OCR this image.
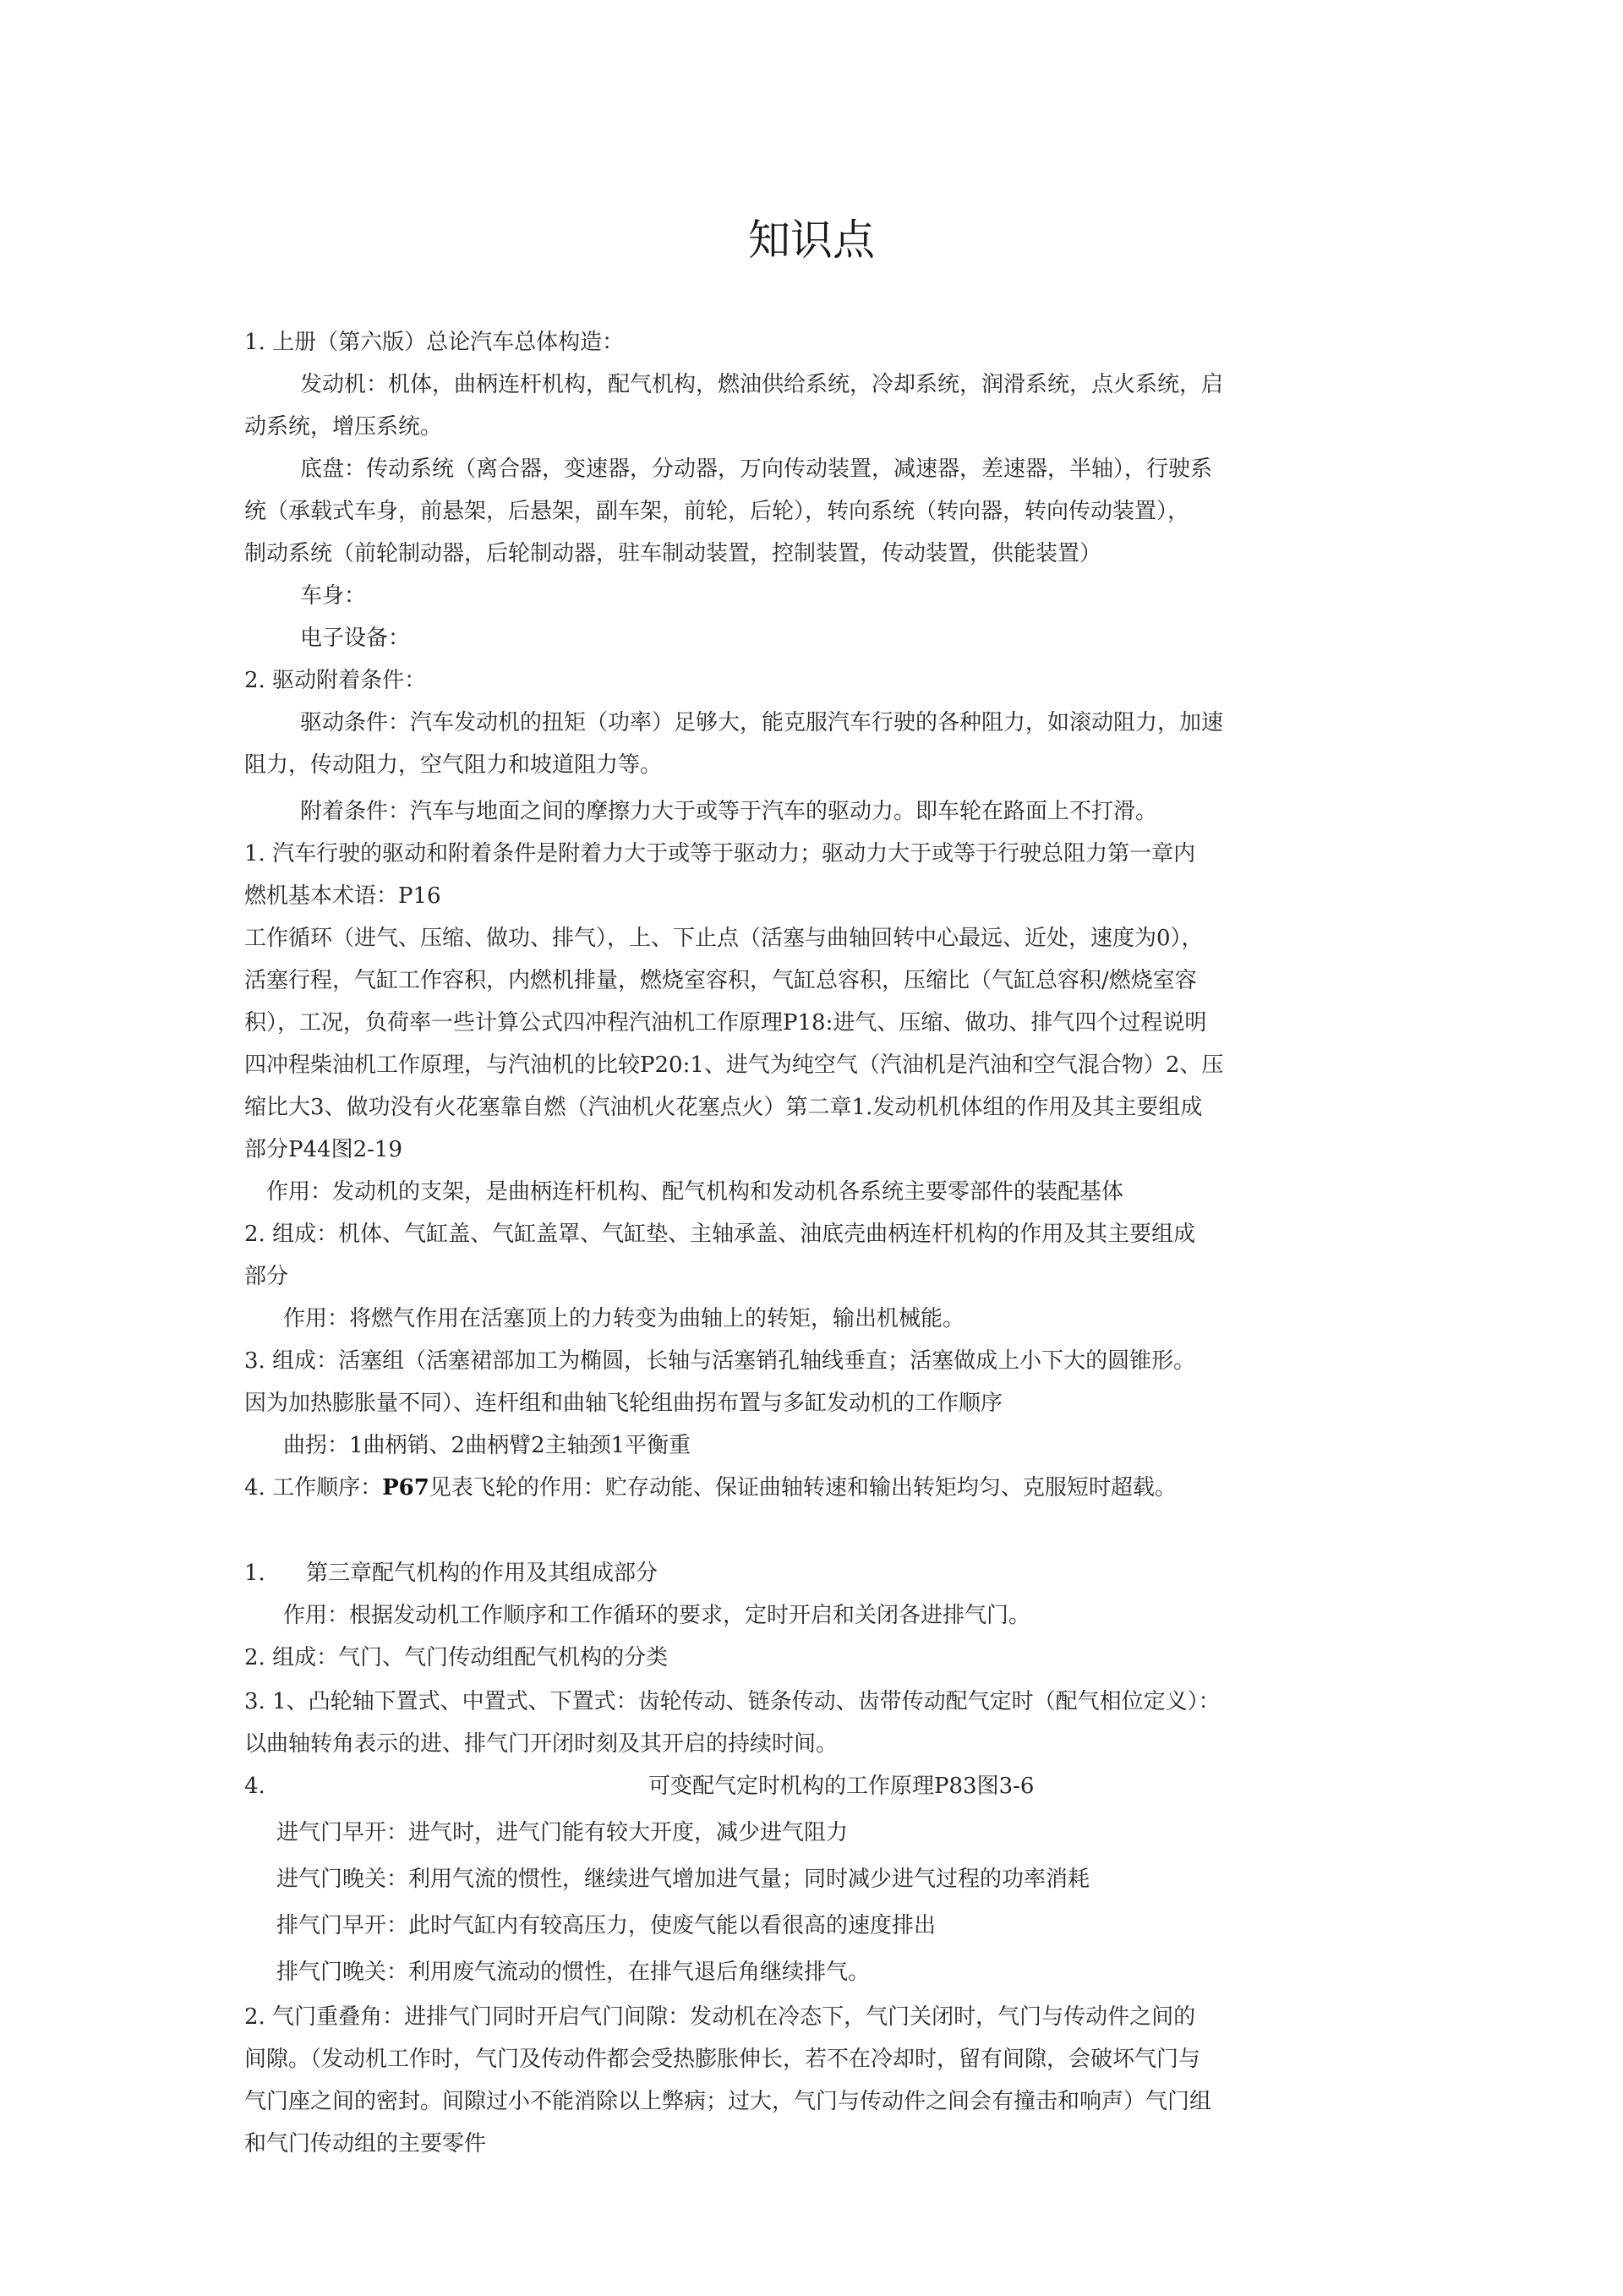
知识点
1. 上册（第六版）总论汽车总体构造：
发动机：机体，曲柄连杆机构，配气机构，燃油供给系统，冷却系统，润滑系统，点火系统，启
动系统，增压系统。
底盘：传动系统（离合器，变速器，分动器，万向传动装置，减速器，差速器，半轴），行驶系
统（承载式车身，前悬架，后悬架，副车架，前轮，后轮），转向系统（转向器，转向传动装置），
制动系统（前轮制动器，后轮制动器，驻车制动装置，控制装置，传动装置，供能装置）
车身：
电子设备：
2. 驱动附着条件：
驱动条件：汽车发动机的扭矩（功率）足够大，能克服汽车行驶的各种阻力，如滚动阻力，加速
阻力，传动阻力，空气阻力和坡道阻力等。
附着条件：汽车与地面之间的摩擦力大于或等于汽车的驱动力。即车轮在路面上不打滑。
1. 汽车行驶的驱动和附着条件是附着力大于或等于驱动力；驱动力大于或等于行驶总阻力第一章内
燃机基本术语：P16
工作循环（进气、压缩、做功、排气），上、下止点（活塞与曲轴回转中心最远、近处，速度为0），
活塞行程，气缸工作容积，内燃机排量，燃烧室容积，气缸总容积，压缩比（气缸总容积/燃烧室容
积），工况，负荷率一些计算公式四冲程汽油机工作原理P18:进气、压缩、做功、排气四个过程说明
四冲程柴油机工作原理，与汽油机的比较P20:1、进气为纯空气（汽油机是汽油和空气混合物）2、压
缩比大3、做功没有火花塞靠自燃（汽油机火花塞点火）第二章1.发动机机体组的作用及其主要组成
部分P44图2-19
作用：发动机的支架，是曲柄连杆机构、配气机构和发动机各系统主要零部件的装配基体
2. 组成：机体、气缸盖、气缸盖罩、气缸垫、主轴承盖、油底壳曲柄连杆机构的作用及其主要组成
部分
作用：将燃气作用在活塞顶上的力转变为曲轴上的转矩，输出机械能。
3. 组成：活塞组（活塞裙部加工为椭圆，长轴与活塞销孔轴线垂直；活塞做成上小下大的圆锥形。
因为加热膨胀量不同）、连杆组和曲轴飞轮组曲拐布置与多缸发动机的工作顺序
曲拐：1曲柄销、2曲柄臂2主轴颈1平衡重
4. 工作顺序：P67见表飞轮的作用：贮存动能、保证曲轴转速和输出转矩均匀、克服短时超载。
1. 第三章配气机构的作用及其组成部分
作用：根据发动机工作顺序和工作循环的要求，定时开启和关闭各进排气门。
2. 组成：气门、气门传动组配气机构的分类
3. 1、凸轮轴下置式、中置式、下置式：齿轮传动、链条传动、齿带传动配气定时（配气相位定义）：
以曲轴转角表示的进、排气门开闭时刻及其开启的持续时间。
4.	可变配气定时机构的工作原理P83图3-6
进气门早开：进气时，进气门能有较大开度，减少进气阻力
进气门晚关：利用气流的惯性，继续进气增加进气量；同时减少进气过程的功率消耗
排气门早开：此时气缸内有较高压力，使废气能以看很高的速度排出
排气门晚关：利用废气流动的惯性，在排气退后角继续排气。
2. 气门重叠角：进排气门同时开启气门间隙：发动机在冷态下，气门关闭时，气门与传动件之间的
间隙。（发动机工作时，气门及传动件都会受热膨胀伸长，若不在冷却时，留有间隙，会破坏气门与
气门座之间的密封。间隙过小不能消除以上弊病；过大，气门与传动件之间会有撞击和响声）气门组
和气门传动组的主要零件
